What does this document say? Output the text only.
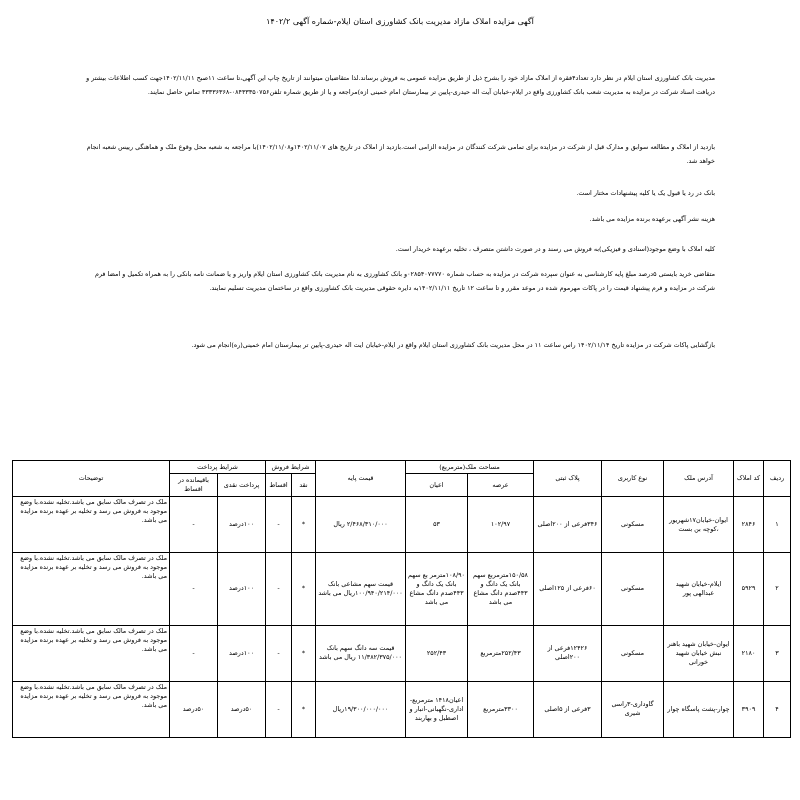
آگهی مزایده املاک مازاد مدیریت بانک کشاورزی استان ایلام-شماره آگهی ۱۴۰۲/۲

مدیریت بانک کشاورزی استان ایلام در نظر دارد تعداد۴فقره از املاک مازاد خود را بشرح ذیل از طریق مزایده عمومی به فروش برساند.لذا متقاضیان میتوانند از تاریخ چاپ این آگهی،تا ساعت ۱۱صبح ۱۴۰۲/۱۱/۱۱جهت کسب اطلاعات بیشتر و دریافت اسناد شرکت در مزایده به مدیریت شعب بانک کشاورزی واقع در ایلام-خیابان آیت اله حیدری-پایین تر بیمارستان امام خمینی ازه)مراجعه و یا از طریق شماره تلفن۰۸۴۳۳۳۵۰۷۵۶-۳۳۳۳۶۳۶۸ تماس حاصل نمایند.

بازدید از املاک و مطالعه سوابق و مدارک قبل از شرکت در مزایده برای تمامی شرکت کنندگان در مزایده الزامی است.بازدید از املاک در تاریخ های ۱۴۰۲/۱۱/۰۷و۱۴۰۲/۱۱/۰۸)با مراجعه به شعبه محل وقوع ملک و هماهنگی رییس شعبه انجام خواهد شد.

بانک در رد یا قبول یک یا کلیه پیشنهادات مختار است.

هزینه نشر آگهی برعهده برنده مزایده می باشد.

کلیه املاک با وضع موجود(اسنادی و فیزیکی)به فروش می رسند و در صورت داشتن متصرف ، تخلیه برعهده خریدار است.

متقاضی خرید بایستی ۵درصد مبلغ پایه کارشناسی به عنوان سپرده شرکت در مزایده به حساب شماره ۰۲۸۵۴۰۷۷۷۷۰و بانک کشاورزی به نام مدیریت بانک کشاورزی استان ایلام واریز و یا ضمانت نامه بانکی را به همراه تکمیل و امضا فرم شرکت در مزایده و فرم پیشنهاد قیمت را در پاکات مهرموم شده در موعد مقرر و تا ساعت ۱۲ تاریخ ۱۴۰۲/۱۱/۱۱به دایره حقوقی مدیریت بانک کشاورزی واقع در ساختمان مدیریت تسلیم نمایند.

بازگشایی پاکات شرکت در مزایده تاریخ ۱۴۰۲/۱۱/۱۴ راس ساعت ۱۱ در محل مدیریت بانک کشاورزی استان ایلام واقع در ایلام-خیابان ایت اله حیدری-پایین تر بیمارستان امام خمینی(ره)انجام می شود.

ردیف	کد املاک	آدرس ملک	نوع کاربری	پلاک ثبتی	مساحت ملک(مترمربع)		قیمت پایه	شرایط فروش		شرایط پرداخت		توضیحات
					عرصه	اعیان		نقد	اقساط	پرداخت نقدی	باقیمانده در اقساط	
۱	۲۸۴۶	ایوان-خیابان۱۷شهریور ،کوچه بن بست	مسکونی	۳۴۶فرعی از ۲۰۰اصلی	۱۰۲/۹۷	۵۳	۲/۴۶۸/۳۱۰/۰۰۰ ریال	*	-	۱۰۰درصد	-	ملک در تصرف مالک سابق می باشد.تخلیه نشده.با وضع موجود به فروش می رسد و تخلیه بر عهده برنده مزایده می باشد.
۲	۵۹۲۹	ایلام-خیابان شهید عبدالهی پور	مسکونی	۶۰فرعی از ۱۲۵اصلی	۱۵۰/۵۸مترمربع سهم بانک یک دانگ و ۴۴۳صدم دانگ مشاع می باشد	۱۰۸/۹۰مترمر بع سهم بانک یک دانگ و ۴۴۳صدم دانگ مشاع می باشد	قیمت سهم مشاعی بانک ۱۰۰/۹۴۰/۲۱۴/۰۰۰ریال می باشد	*	-	۱۰۰درصد	-	ملک در تصرف مالک سابق می باشد.تخلیه نشده.با وضع موجود به فروش می رسد و تخلیه بر عهده برنده مزایده می باشد.
۳	۲۱۸۰	ایوان-خیابان شهید باهنر نبش خیابان شهید خورانی	مسکونی	۱۲۴۲۶فرعی از ۲۰۰اصلی	۲۵۲/۴۳مترمربع	۲۵۲/۴۳	قیمت سه دانگ سهم بانک ۱۱/۳۸۲/۳۷۵/۰۰۰ ریال می باشد	*	-	۱۰۰درصد	-	ملک در تصرف مالک سابق می باشد.تخلیه نشده.با وضع موجود به فروش می رسد و تخلیه بر عهده برنده مزایده می باشد.
۴	۳۹۰۹	چوار-پشت پاسگاه چوار	گاوداری-۳راسی شیری	۳فرعی از ۵اصلی	۳۳۰۰مترمربع	اعیان۱۴۱۸ مترمربع-اداری-نگهبانی-انبار و اصطبل و بهاربند	۱۹/۳۰۰/۰۰۰/۰۰۰ریال	*	-	۵۰درصد	۵۰درصد	ملک در تصرف مالک سابق می باشد.تخلیه نشده.با وضع موجود به فروش می رسد و تخلیه بر عهده برنده مزایده می باشد.
